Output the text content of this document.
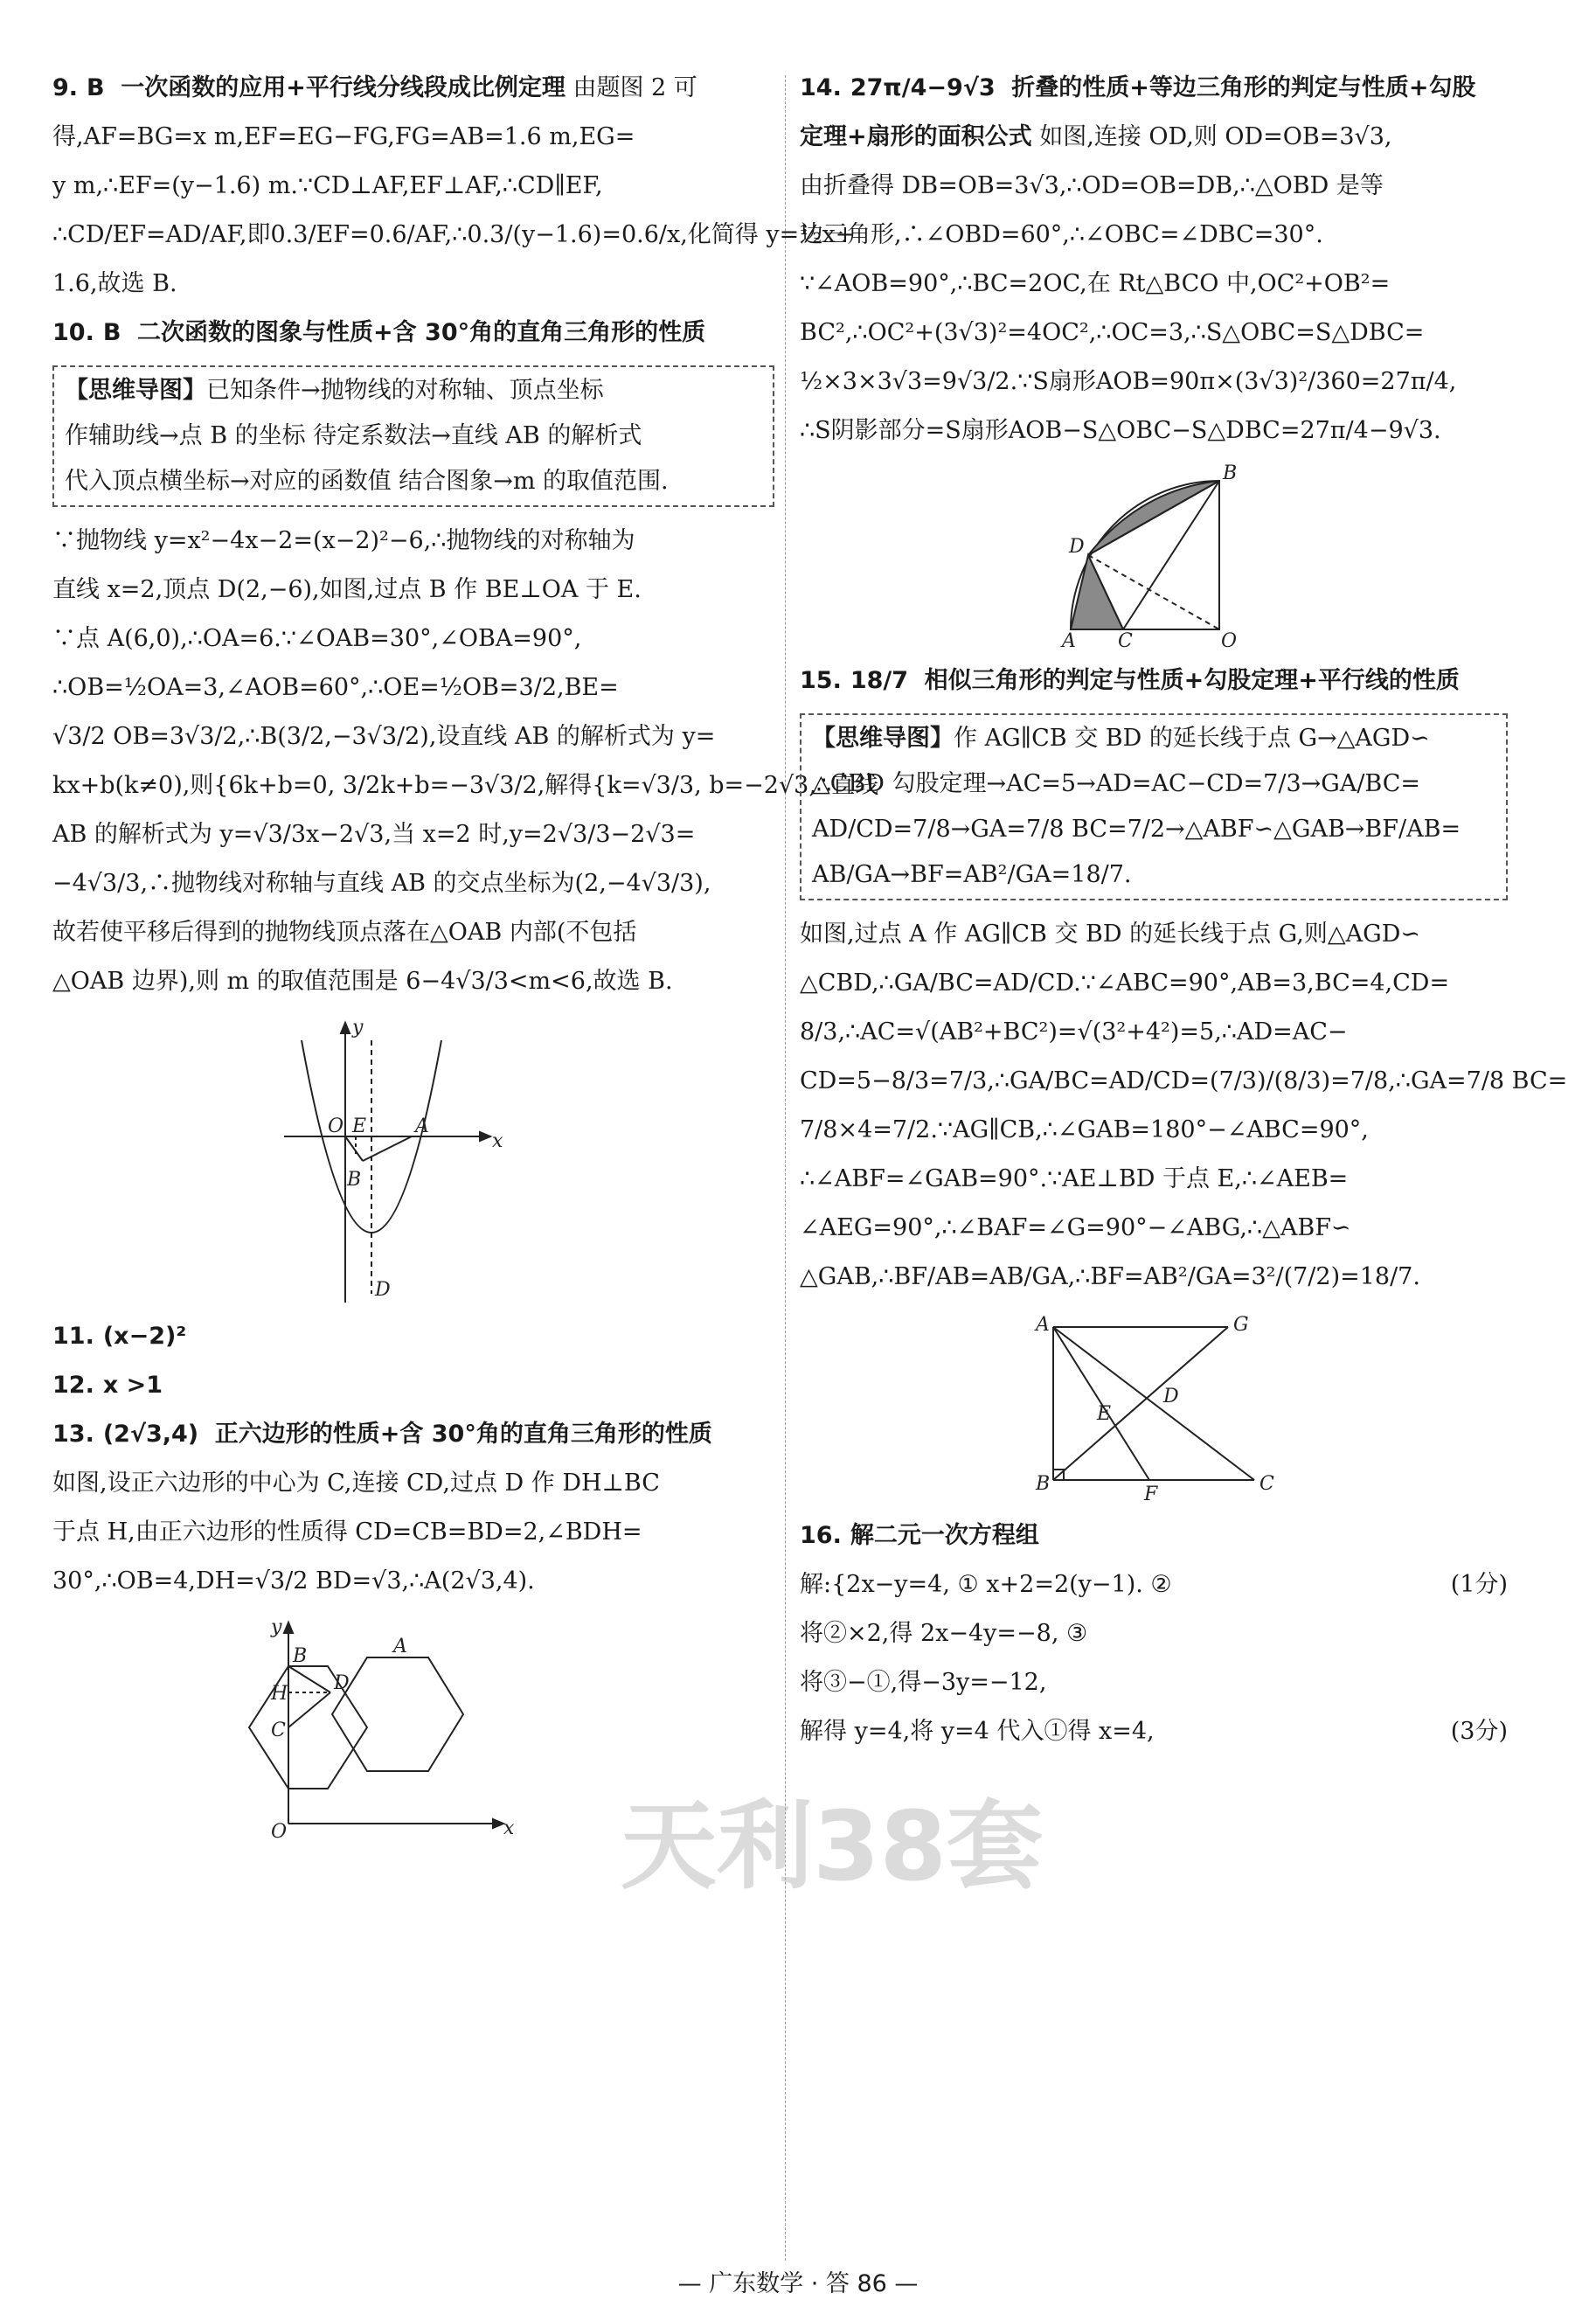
9. B 一次函数的应用+平行线分线段成比例定理 由题图 2 可

得,AF=BG=x m,EF=EG−FG,FG=AB=1.6 m,EG=

y m,∴EF=(y−1.6) m.∵CD⊥AF,EF⊥AF,∴CD∥EF,

∴CD/EF=AD/AF,即0.3/EF=0.6/AF,∴0.3/(y−1.6)=0.6/x,化简得 y=½x+

1.6,故选 B.

10. B 二次函数的图象与性质+含 30°角的直角三角形的性质

【思维导图】已知条件→抛物线的对称轴、顶点坐标

作辅助线→点 B 的坐标 待定系数法→直线 AB 的解析式

代入顶点横坐标→对应的函数值 结合图象→m 的取值范围.

∵抛物线 y=x²−4x−2=(x−2)²−6,∴抛物线的对称轴为

直线 x=2,顶点 D(2,−6),如图,过点 B 作 BE⊥OA 于 E.

∵点 A(6,0),∴OA=6.∵∠OAB=30°,∠OBA=90°,

∴OB=½OA=3,∠AOB=60°,∴OE=½OB=3/2,BE=

√3/2 OB=3√3/2,∴B(3/2,−3√3/2),设直线 AB 的解析式为 y=

kx+b(k≠0),则{6k+b=0, 3/2k+b=−3√3/2,解得{k=√3/3, b=−2√3,∴直线

AB 的解析式为 y=√3/3x−2√3,当 x=2 时,y=2√3/3−2√3=

−4√3/3,∴抛物线对称轴与直线 AB 的交点坐标为(2,−4√3/3),

故若使平移后得到的抛物线顶点落在△OAB 内部(不包括

△OAB 边界),则 m 的取值范围是 6−4√3/3<m<6,故选 B.

y
x
O E	A
B
D
11. (x−2)²
12. x >1
13. (2√3,4) 正六边形的性质+含 30°角的直角三角形的性质

如图,设正六边形的中心为 C,连接 CD,过点 D 作 DH⊥BC

于点 H,由正六边形的性质得 CD=CB=BD=2,∠BDH=

30°,∴OB=4,DH=√3/2 BD=√3,∴A(2√3,4).

y
x
O
B
H
C
D
A
14. 27π/4−9√3 折叠的性质+等边三角形的判定与性质+勾股

定理+扇形的面积公式 如图,连接 OD,则 OD=OB=3√3,

由折叠得 DB=OB=3√3,∴OD=OB=DB,∴△OBD 是等

边三角形,∴∠OBD=60°,∴∠OBC=∠DBC=30°.

∵∠AOB=90°,∴BC=2OC,在 Rt△BCO 中,OC²+OB²=

BC²,∴OC²+(3√3)²=4OC²,∴OC=3,∴S△OBC=S△DBC=

½×3×3√3=9√3/2.∵S扇形AOB=90π×(3√3)²/360=27π/4,

∴S阴影部分=S扇形AOB−S△OBC−S△DBC=27π/4−9√3.

B
D
A C	O
15. 18/7 相似三角形的判定与性质+勾股定理+平行线的性质

【思维导图】作 AG∥CB 交 BD 的延长线于点 G→△AGD∽

△CBD 勾股定理→AC=5→AD=AC−CD=7/3→GA/BC=

AD/CD=7/8→GA=7/8 BC=7/2→△ABF∽△GAB→BF/AB=

AB/GA→BF=AB²/GA=18/7.

如图,过点 A 作 AG∥CB 交 BD 的延长线于点 G,则△AGD∽

△CBD,∴GA/BC=AD/CD.∵∠ABC=90°,AB=3,BC=4,CD=

8/3,∴AC=√(AB²+BC²)=√(3²+4²)=5,∴AD=AC−

CD=5−8/3=7/3,∴GA/BC=AD/CD=(7/3)/(8/3)=7/8,∴GA=7/8 BC=

7/8×4=7/2.∵AG∥CB,∴∠GAB=180°−∠ABC=90°,

∴∠ABF=∠GAB=90°.∵AE⊥BD 于点 E,∴∠AEB=

∠AEG=90°,∴∠BAF=∠G=90°−∠ABG,∴△ABF∽

△GAB,∴BF/AB=AB/GA,∴BF=AB²/GA=3²/(7/2)=18/7.

A	G
D
E
B	F	C
16. 解二元一次方程组

解:{2x−y=4, ① x+2=2(y−1). ②	(1分)

将②×2,得 2x−4y=−8, ③

将③−①,得−3y=−12,

解得 y=4,将 y=4 代入①得 x=4,	(3分)

天利38套
— 广东数学 · 答 86 —
